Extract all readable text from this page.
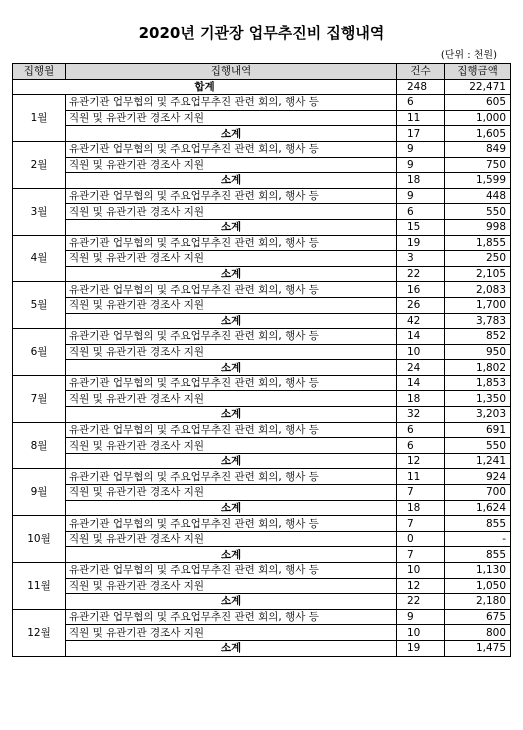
2020년 기관장 업무추진비 집행내역
(단위 : 천원)
집행월	집행내역	건수	집행금액
합계		248	22,471
1월	유관기관 업무협의 및 주요업무추진 관련 회의, 행사 등	6	605
	직원 및 유관기관 경조사 지원	11	1,000
	소계	17	1,605
2월	유관기관 업무협의 및 주요업무추진 관련 회의, 행사 등	9	849
	직원 및 유관기관 경조사 지원	9	750
	소계	18	1,599
3월	유관기관 업무협의 및 주요업무추진 관련 회의, 행사 등	9	448
	직원 및 유관기관 경조사 지원	6	550
	소계	15	998
4월	유관기관 업무협의 및 주요업무추진 관련 회의, 행사 등	19	1,855
	직원 및 유관기관 경조사 지원	3	250
	소계	22	2,105
5월	유관기관 업무협의 및 주요업무추진 관련 회의, 행사 등	16	2,083
	직원 및 유관기관 경조사 지원	26	1,700
	소계	42	3,783
6월	유관기관 업무협의 및 주요업무추진 관련 회의, 행사 등	14	852
	직원 및 유관기관 경조사 지원	10	950
	소계	24	1,802
7월	유관기관 업무협의 및 주요업무추진 관련 회의, 행사 등	14	1,853
	직원 및 유관기관 경조사 지원	18	1,350
	소계	32	3,203
8월	유관기관 업무협의 및 주요업무추진 관련 회의, 행사 등	6	691
	직원 및 유관기관 경조사 지원	6	550
	소계	12	1,241
9월	유관기관 업무협의 및 주요업무추진 관련 회의, 행사 등	11	924
	직원 및 유관기관 경조사 지원	7	700
	소계	18	1,624
10월	유관기관 업무협의 및 주요업무추진 관련 회의, 행사 등	7	855
	직원 및 유관기관 경조사 지원	0	-
	소계	7	855
11월	유관기관 업무협의 및 주요업무추진 관련 회의, 행사 등	10	1,130
	직원 및 유관기관 경조사 지원	12	1,050
	소계	22	2,180
12월	유관기관 업무협의 및 주요업무추진 관련 회의, 행사 등	9	675
	직원 및 유관기관 경조사 지원	10	800
	소계	19	1,475
